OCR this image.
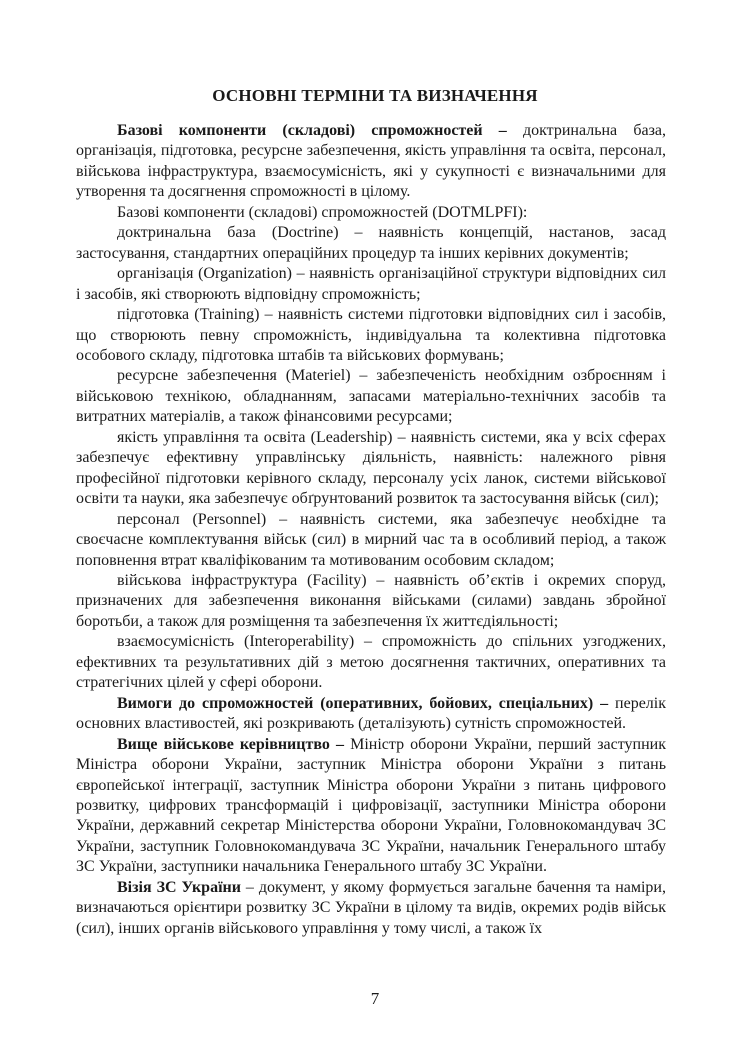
ОСНОВНІ ТЕРМІНИ ТА ВИЗНАЧЕННЯ

Базові компоненти (складові) спроможностей – доктринальна база, організація, підготовка, ресурсне забезпечення, якість управління та освіта, персонал, військова інфраструктура, взаємосумісність, які у сукупності є визначальними для утворення та досягнення спроможності в цілому.

Базові компоненти (складові) спроможностей (DOTMLPFI):

доктринальна база (Doctrine) – наявність концепцій, настанов, засад застосування, стандартних операційних процедур та інших керівних документів;

організація (Organization) – наявність організаційної структури відповідних сил і засобів, які створюють відповідну спроможність;

підготовка (Training) – наявність системи підготовки відповідних сил і засобів, що створюють певну спроможність, індивідуальна та колективна підготовка особового складу, підготовка штабів та військових формувань;

ресурсне забезпечення (Materiel) – забезпеченість необхідним озброєнням і військовою технікою, обладнанням, запасами матеріально-технічних засобів та витратних матеріалів, а також фінансовими ресурсами;

якість управління та освіта (Leadership) – наявність системи, яка у всіх сферах забезпечує ефективну управлінську діяльність, наявність: належного рівня професійної підготовки керівного складу, персоналу усіх ланок, системи військової освіти та науки, яка забезпечує обґрунтований розвиток та застосування військ (сил);

персонал (Personnel) – наявність системи, яка забезпечує необхідне та своєчасне комплектування військ (сил) в мирний час та в особливий період, а також поповнення втрат кваліфікованим та мотивованим особовим складом;

військова інфраструктура (Facility) – наявність об’єктів і окремих споруд, призначених для забезпечення виконання військами (силами) завдань збройної боротьби, а також для розміщення та забезпечення їх життєдіяльності;

взаємосумісність (Interoperability) – спроможність до спільних узгоджених, ефективних та результативних дій з метою досягнення тактичних, оперативних та стратегічних цілей у сфері оборони.

Вимоги до спроможностей (оперативних, бойових, спеціальних) – перелік основних властивостей, які розкривають (деталізують) сутність спроможностей.

Вище військове керівництво – Міністр оборони України, перший заступник Міністра оборони України, заступник Міністра оборони України з питань європейської інтеграції, заступник Міністра оборони України з питань цифрового розвитку, цифрових трансформацій і цифровізації, заступники Міністра оборони України, державний секретар Міністерства оборони України, Головнокомандувач ЗС України, заступник Головнокомандувача ЗС України, начальник Генерального штабу ЗС України, заступники начальника Генерального штабу ЗС України.

Візія ЗС України – документ, у якому формується загальне бачення та наміри, визначаються орієнтири розвитку ЗС України в цілому та видів, окремих родів військ (сил), інших органів військового управління у тому числі, а також їх

7
